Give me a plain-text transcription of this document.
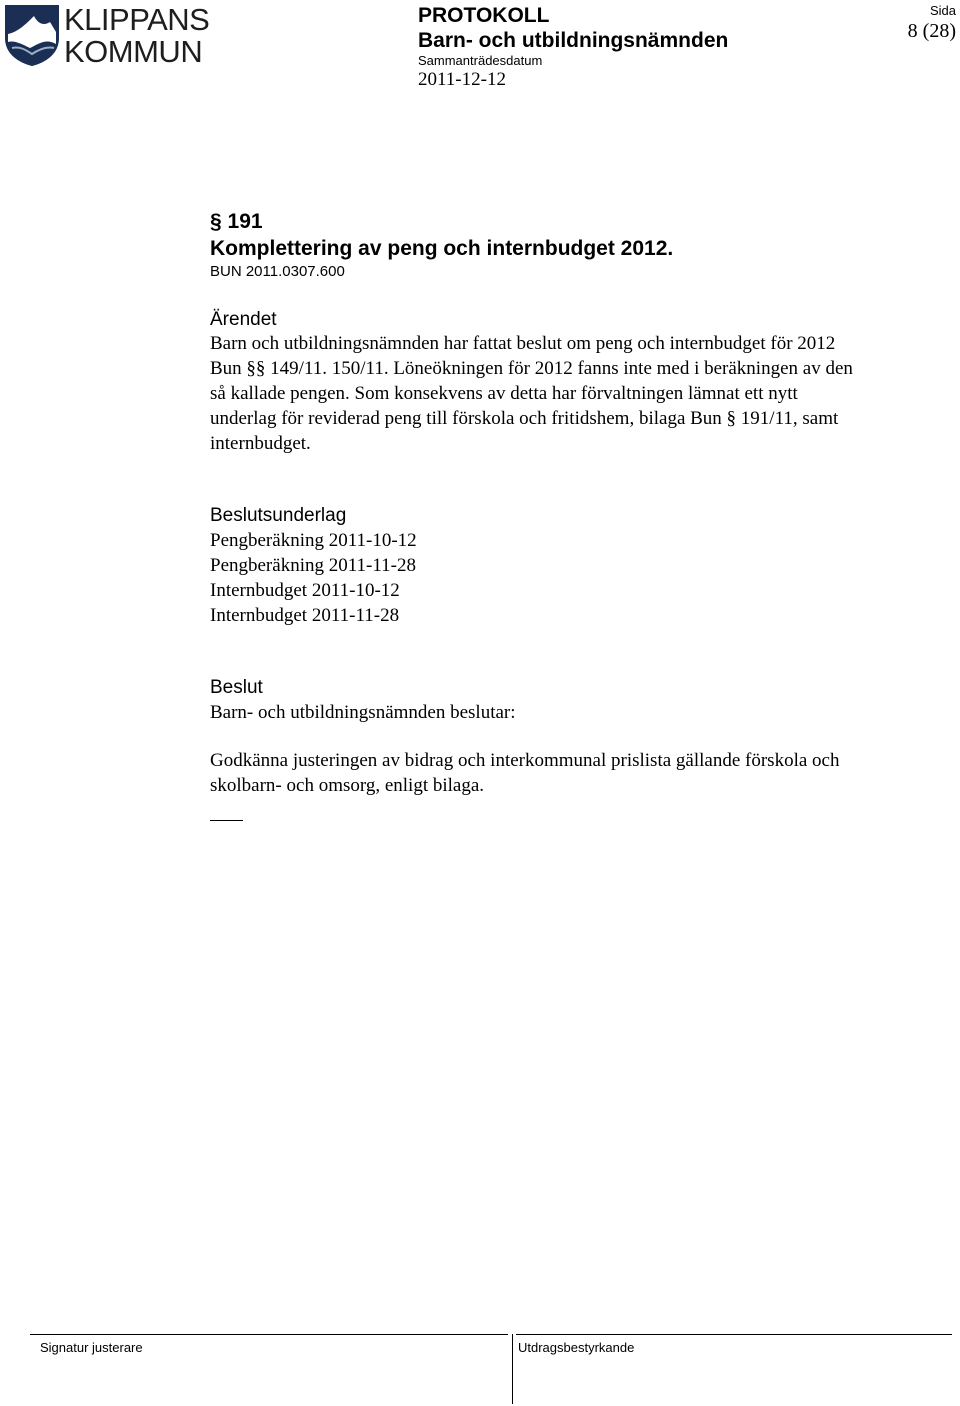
KLIPPANS
KOMMUN
PROTOKOLL
Barn- och utbildningsnämnden
Sammanträdesdatum
2011-12-12
Sida
8 (28)
§ 191
Komplettering av peng och internbudget 2012.
BUN 2011.0307.600
Ärendet
Barn och utbildningsnämnden har fattat beslut om peng och internbudget för 2012
Bun §§ 149/11. 150/11. Löneökningen för 2012 fanns inte med i beräkningen av den
så kallade pengen. Som konsekvens av detta har förvaltningen lämnat ett nytt
underlag för reviderad peng till förskola och fritidshem, bilaga Bun § 191/11, samt
internbudget.
Beslutsunderlag
Pengberäkning 2011-10-12
Pengberäkning 2011-11-28
Internbudget 2011-10-12
Internbudget 2011-11-28
Beslut
Barn- och utbildningsnämnden beslutar:
Godkänna justeringen av bidrag och interkommunal prislista gällande förskola och
skolbarn- och omsorg, enligt bilaga.
Signatur justerare	Utdragsbestyrkande
